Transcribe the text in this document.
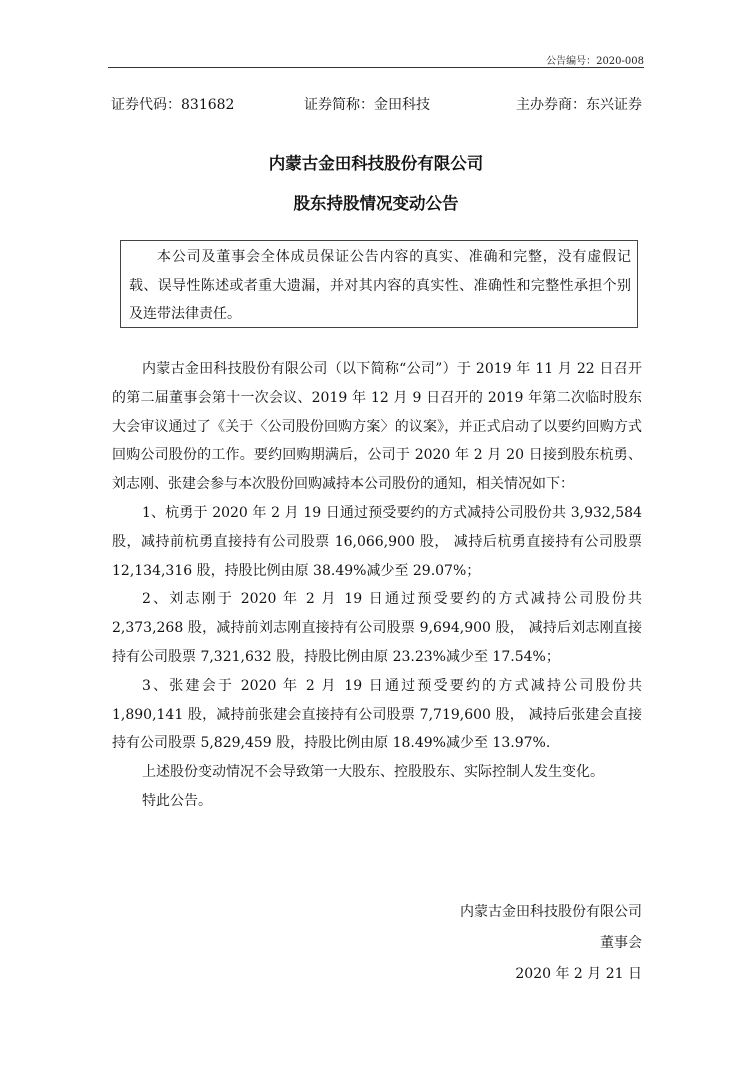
公告编号：2020-008
证券代码：831682	证券简称：金田科技	主办券商：东兴证券
内蒙古金田科技股份有限公司
股东持股情况变动公告
本公司及董事会全体成员保证公告内容的真实、准确和完整，没有虚假记载、误导性陈述或者重大遗漏，并对其内容的真实性、准确性和完整性承担个别及连带法律责任。

内蒙古金田科技股份有限公司（以下简称“公司”）于 2019 年 11 月 22 日召开的第二届董事会第十一次会议、2019 年 12 月 9 日召开的 2019 年第二次临时股东大会审议通过了《关于〈公司股份回购方案〉的议案》，并正式启动了以要约回购方式回购公司股份的工作。要约回购期满后，公司于 2020 年 2 月 20 日接到股东杭勇、刘志刚、张建会参与本次股份回购减持本公司股份的通知，相关情况如下：

1、杭勇于 2020 年 2 月 19 日通过预受要约的方式减持公司股份共 3,932,584 股，减持前杭勇直接持有公司股票 16,066,900 股， 减持后杭勇直接持有公司股票 12,134,316 股，持股比例由原 38.49%减少至 29.07%；

2、刘志刚于 2020 年 2 月 19 日通过预受要约的方式减持公司股份共 2,373,268 股，减持前刘志刚直接持有公司股票 9,694,900 股， 减持后刘志刚直接持有公司股票 7,321,632 股，持股比例由原 23.23%减少至 17.54%；

3、张建会于 2020 年 2 月 19 日通过预受要约的方式减持公司股份共 1,890,141 股，减持前张建会直接持有公司股票 7,719,600 股， 减持后张建会直接持有公司股票 5,829,459 股，持股比例由原 18.49%减少至 13.97%.

上述股份变动情况不会导致第一大股东、控股股东、实际控制人发生变化。

特此公告。

内蒙古金田科技股份有限公司
董事会
2020 年 2 月 21 日
